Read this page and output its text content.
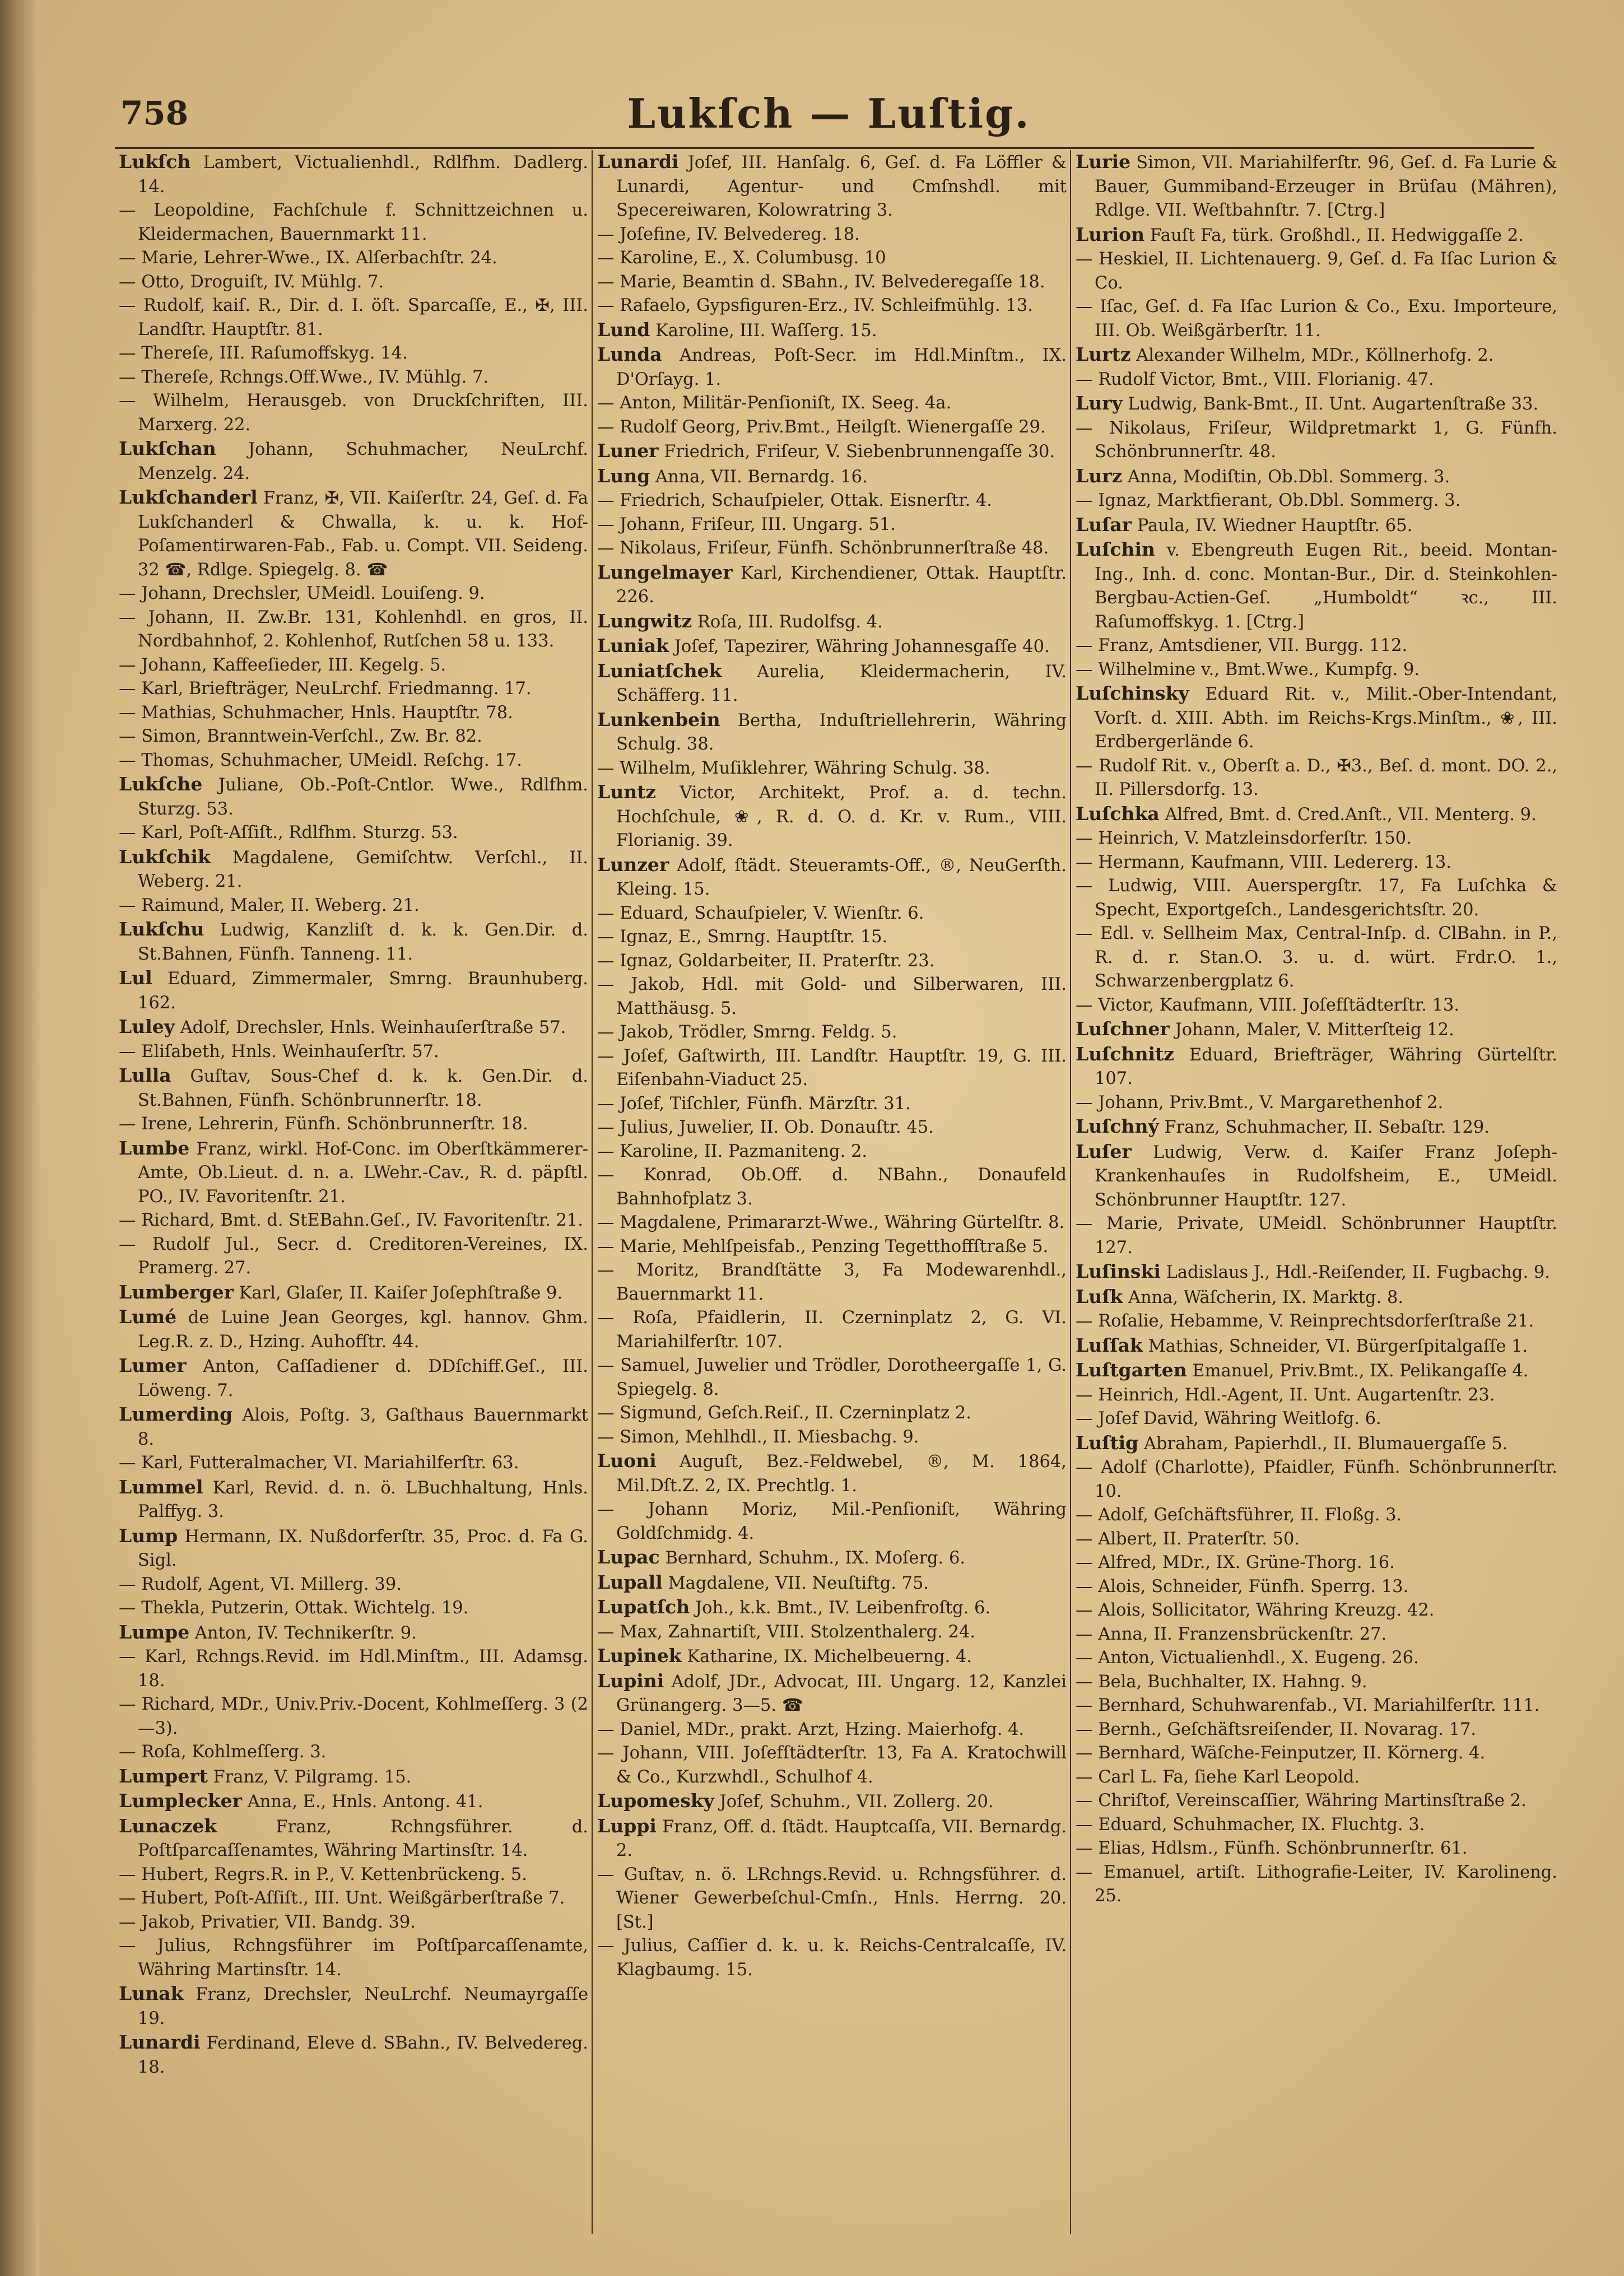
758	Lukſch — Luſtig.
Lukſch Lambert, Victualienhdl., Rdlfhm. Dadlerg. 14.
— Leopoldine, Fachſchule f. Schnittzeichnen u. Kleidermachen, Bauernmarkt 11.
— Marie, Lehrer-Wwe., IX. Alſerbachſtr. 24.
— Otto, Droguiſt, IV. Mühlg. 7.
— Rudolf, kaiſ. R., Dir. d. I. öſt. Sparcaſſe, E., ✠, III. Landſtr. Hauptſtr. 81.
— Thereſe, III. Raſumoffskyg. 14.
— Thereſe, Rchngs.Off.Wwe., IV. Mühlg. 7.
— Wilhelm, Herausgeb. von Druckſchriften, III. Marxerg. 22.
Lukſchan Johann, Schuhmacher, NeuLrchf. Menzelg. 24.
Lukſchanderl Franz, ✠, VII. Kaiſerſtr. 24, Geſ. d. Fa Lukſchanderl & Chwalla, k. u. k. Hof-Poſamentirwaren-Fab., Fab. u. Compt. VII. Seideng. 32 ☎, Rdlge. Spiegelg. 8. ☎
— Johann, Drechsler, UMeidl. Louiſeng. 9.
— Johann, II. Zw.Br. 131, Kohlenhdl. en gros, II. Nordbahnhof, 2. Kohlenhof, Rutſchen 58 u. 133.
— Johann, Kaffeeſieder, III. Kegelg. 5.
— Karl, Briefträger, NeuLrchf. Friedmanng. 17.
— Mathias, Schuhmacher, Hnls. Hauptſtr. 78.
— Simon, Branntwein-Verſchl., Zw. Br. 82.
— Thomas, Schuhmacher, UMeidl. Reſchg. 17.
Lukſche Juliane, Ob.-Poſt-Cntlor. Wwe., Rdlfhm. Sturzg. 53.
— Karl, Poſt-Aſſiſt., Rdlfhm. Sturzg. 53.
Lukſchik Magdalene, Gemiſchtw. Verſchl., II. Weberg. 21.
— Raimund, Maler, II. Weberg. 21.
Lukſchu Ludwig, Kanzliſt d. k. k. Gen.Dir. d. St.Bahnen, Fünfh. Tanneng. 11.
Lul Eduard, Zimmermaler, Smrng. Braunhuberg. 162.
Luley Adolf, Drechsler, Hnls. Weinhauſerſtraße 57.
— Eliſabeth, Hnls. Weinhauſerſtr. 57.
Lulla Guſtav, Sous-Chef d. k. k. Gen.Dir. d. St.Bahnen, Fünfh. Schönbrunnerſtr. 18.
— Irene, Lehrerin, Fünfh. Schönbrunnerſtr. 18.
Lumbe Franz, wirkl. Hof-Conc. im Oberſtkämmerer-Amte, Ob.Lieut. d. n. a. LWehr.-Cav., R. d. päpſtl. PO., IV. Favoritenſtr. 21.
— Richard, Bmt. d. StEBahn.Geſ., IV. Favoritenſtr. 21.
— Rudolf Jul., Secr. d. Creditoren-Vereines, IX. Pramerg. 27.
Lumberger Karl, Glaſer, II. Kaiſer Joſephſtraße 9.
Lumé de Luine Jean Georges, kgl. hannov. Ghm. Leg.R. z. D., Hzing. Auhofſtr. 44.
Lumer Anton, Caſſadiener d. DDſchiff.Geſ., III. Löweng. 7.
Lumerding Alois, Poſtg. 3, Gaſthaus Bauernmarkt 8.
— Karl, Futteralmacher, VI. Mariahilferſtr. 63.
Lummel Karl, Revid. d. n. ö. LBuchhaltung, Hnls. Palffyg. 3.
Lump Hermann, IX. Nußdorferſtr. 35, Proc. d. Fa G. Sigl.
— Rudolf, Agent, VI. Millerg. 39.
— Thekla, Putzerin, Ottak. Wichtelg. 19.
Lumpe Anton, IV. Technikerſtr. 9.
— Karl, Rchngs.Revid. im Hdl.Minſtm., III. Adamsg. 18.
— Richard, MDr., Univ.Priv.-Docent, Kohlmeſſerg. 3 (2—3).
— Roſa, Kohlmeſſerg. 3.
Lumpert Franz, V. Pilgramg. 15.
Lumplecker Anna, E., Hnls. Antong. 41.
Lunaczek	Franz, Rchngsführer. d. Poſtſparcaſſenamtes, Währing Martinsſtr. 14.
— Hubert, Regrs.R. in P., V. Kettenbrückeng. 5.
— Hubert, Poſt-Aſſiſt., III. Unt. Weißgärberſtraße 7.
— Jakob, Privatier, VII. Bandg. 39.
— Julius, Rchngsführer im Poſtſparcaſſenamte, Währing Martinsſtr. 14.
Lunak Franz, Drechsler, NeuLrchf. Neumayrgaſſe 19.
Lunardi Ferdinand, Eleve d. SBahn., IV. Belvedereg. 18.
Lunardi Joſef, III. Hanſalg. 6, Geſ. d. Fa Löffler & Lunardi, Agentur- und Cmſnshdl. mit Specereiwaren, Kolowratring 3.
— Joſefine, IV. Belvedereg. 18.
— Karoline, E., X. Columbusg. 10
— Marie, Beamtin d. SBahn., IV. Belvederegaſſe 18.
— Rafaelo, Gypsfiguren-Erz., IV. Schleifmühlg. 13.
Lund Karoline, III. Waſſerg. 15.
Lunda Andreas, Poſt-Secr. im Hdl.Minſtm., IX. D'Orſayg. 1.
— Anton, Militär-Penſioniſt, IX. Seeg. 4a.
— Rudolf Georg, Priv.Bmt., Heilgſt. Wienergaſſe 29.
Luner Friedrich, Friſeur, V. Siebenbrunnengaſſe 30.
Lung Anna, VII. Bernardg. 16.
— Friedrich, Schauſpieler, Ottak. Eisnerſtr. 4.
— Johann, Friſeur, III. Ungarg. 51.
— Nikolaus, Friſeur, Fünfh. Schönbrunnerſtraße 48.
Lungelmayer Karl, Kirchendiener, Ottak. Hauptſtr. 226.
Lungwitz Roſa, III. Rudolfsg. 4.
Luniak Joſef, Tapezirer, Währing Johannesgaſſe 40.
Luniatſchek Aurelia, Kleidermacherin, IV. Schäfferg. 11.
Lunkenbein Bertha, Induſtriellehrerin, Währing Schulg. 38.
— Wilhelm, Muſiklehrer, Währing Schulg. 38.
Luntz Victor, Architekt, Prof. a. d. techn. Hochſchule, ❀, R. d. O. d. Kr. v. Rum., VIII. Florianig. 39.
Lunzer Adolf, ſtädt. Steueramts-Off., ®, NeuGerſth. Kleing. 15.
— Eduard, Schauſpieler, V. Wienſtr. 6.
— Ignaz, E., Smrng. Hauptſtr. 15.
— Ignaz, Goldarbeiter, II. Praterſtr. 23.
— Jakob, Hdl. mit Gold- und Silberwaren, III. Matthäusg. 5.
— Jakob, Trödler, Smrng. Feldg. 5.
— Joſef, Gaſtwirth, III. Landſtr. Hauptſtr. 19, G. III. Eiſenbahn-Viaduct 25.
— Joſef, Tiſchler, Fünfh. Märzſtr. 31.
— Julius, Juwelier, II. Ob. Donauſtr. 45.
— Karoline, II. Pazmaniteng. 2.
— Konrad, Ob.Off. d. NBahn., Donaufeld Bahnhofplatz 3.
— Magdalene, Primararzt-Wwe., Währing Gürtelſtr. 8.
— Marie, Mehlſpeisfab., Penzing Tegetthoffſtraße 5.
— Moritz, Brandſtätte 3, Fa Modewarenhdl., Bauernmarkt 11.
— Roſa, Pfaidlerin, II. Czerninplatz 2, G. VI. Mariahilferſtr. 107.
— Samuel, Juwelier und Trödler, Dorotheergaſſe 1, G. Spiegelg. 8.
— Sigmund, Geſch.Reiſ., II. Czerninplatz 2.
— Simon, Mehlhdl., II. Miesbachg. 9.
Luoni Auguſt, Bez.-Feldwebel, ®, M. 1864, Mil.Dſt.Z. 2, IX. Prechtlg. 1.
— Johann Moriz, Mil.-Penſioniſt, Währing Goldſchmidg. 4.
Lupac Bernhard, Schuhm., IX. Moſerg. 6.
Lupall Magdalene, VII. Neuſtiftg. 75.
Lupatſch Joh., k.k. Bmt., IV. Leibenfroſtg. 6.
— Max, Zahnartiſt, VIII. Stolzenthalerg. 24.
Lupinek Katharine, IX. Michelbeuerng. 4.
Lupini Adolf, JDr., Advocat, III. Ungarg. 12, Kanzlei Grünangerg. 3—5. ☎
— Daniel, MDr., prakt. Arzt, Hzing. Maierhofg. 4.
— Johann, VIII. Joſefſtädterſtr. 13, Fa A. Kratochwill & Co., Kurzwhdl., Schulhof 4.
Lupomesky Joſef, Schuhm., VII. Zollerg. 20.
Luppi Franz, Off. d. ſtädt. Hauptcaſſa, VII. Bernardg. 2.
— Guſtav, n. ö. LRchngs.Revid. u. Rchngsführer. d. Wiener Gewerbeſchul-Cmſn., Hnls. Herrng. 20. [St.]
— Julius, Caſſier d. k. u. k. Reichs-Centralcaſſe, IV. Klagbaumg. 15.
Lurie Simon, VII. Mariahilferſtr. 96, Geſ. d. Fa Lurie & Bauer, Gummiband-Erzeuger in Brüſau (Mähren), Rdlge. VII. Weſtbahnſtr. 7. [Ctrg.]
Lurion Fauſt Fa, türk. Großhdl., II. Hedwiggaſſe 2.
— Heskiel, II. Lichtenauerg. 9, Geſ. d. Fa Iſac Lurion & Co.
— Iſac, Geſ. d. Fa Iſac Lurion & Co., Exu. Importeure, III. Ob. Weißgärberſtr. 11.
Lurtz Alexander Wilhelm, MDr., Köllnerhofg. 2.
— Rudolf Victor, Bmt., VIII. Florianig. 47.
Lury Ludwig, Bank-Bmt., II. Unt. Augartenſtraße 33.
— Nikolaus, Friſeur, Wildpretmarkt 1, G. Fünfh. Schönbrunnerſtr. 48.
Lurz Anna, Modiſtin, Ob.Dbl. Sommerg. 3.
— Ignaz, Marktfierant, Ob.Dbl. Sommerg. 3.
Luſar Paula, IV. Wiedner Hauptſtr. 65.
Luſchin v. Ebengreuth Eugen Rit., beeid. Montan-Ing., Inh. d. conc. Montan-Bur., Dir. d. Steinkohlen-Bergbau-Actien-Geſ. „Humboldt“ ꝛc., III. Raſumoffskyg. 1. [Ctrg.]
— Franz, Amtsdiener, VII. Burgg. 112.
— Wilhelmine v., Bmt.Wwe., Kumpfg. 9.
Luſchinsky Eduard Rit. v., Milit.-Ober-Intendant, Vorſt. d. XIII. Abth. im Reichs-Krgs.Minſtm., ❀, III. Erdbergerlände 6.
— Rudolf Rit. v., Oberſt a. D., ✠3., Beſ. d. mont. DO. 2., II. Pillersdorfg. 13.
Luſchka Alfred, Bmt. d. Cred.Anſt., VII. Menterg. 9.
— Heinrich, V. Matzleinsdorferſtr. 150.
— Hermann, Kaufmann, VIII. Ledererg. 13.
— Ludwig, VIII. Auerspergſtr. 17, Fa Luſchka & Specht, Exportgeſch., Landesgerichtsſtr. 20.
— Edl. v. Sellheim Max, Central-Inſp. d. ClBahn. in P., R. d. r. Stan.O. 3. u. d. würt. Frdr.O. 1., Schwarzenbergplatz 6.
— Victor, Kaufmann, VIII. Joſefſtädterſtr. 13.
Luſchner Johann, Maler, V. Mitterſteig 12.
Luſchnitz Eduard, Briefträger, Währing Gürtelſtr. 107.
— Johann, Priv.Bmt., V. Margarethenhof 2.
Luſchný Franz, Schuhmacher, II. Sebaſtr. 129.
Luſer Ludwig, Verw. d. Kaiſer Franz Joſeph-Krankenhauſes in Rudolfsheim, E., UMeidl. Schönbrunner Hauptſtr. 127.
— Marie, Private, UMeidl. Schönbrunner Hauptſtr. 127.
Luſinski Ladislaus J., Hdl.-Reiſender, II. Fugbachg. 9.
Luſk Anna, Wäſcherin, IX. Marktg. 8.
— Roſalie, Hebamme, V. Reinprechtsdorferſtraße 21.
Luſſak Mathias, Schneider, VI. Bürgerſpitalgaſſe 1.
Luſtgarten Emanuel, Priv.Bmt., IX. Pelikangaſſe 4.
— Heinrich, Hdl.-Agent, II. Unt. Augartenſtr. 23.
— Joſef David, Währing Weitlofg. 6.
Luſtig Abraham, Papierhdl., II. Blumauergaſſe 5.
— Adolf (Charlotte), Pfaidler, Fünfh. Schönbrunnerſtr. 10.
— Adolf, Geſchäftsführer, II. Floßg. 3.
— Albert, II. Praterſtr. 50.
— Alfred, MDr., IX. Grüne-Thorg. 16.
— Alois, Schneider, Fünfh. Sperrg. 13.
— Alois, Sollicitator, Währing Kreuzg. 42.
— Anna, II. Franzensbrückenſtr. 27.
— Anton, Victualienhdl., X. Eugeng. 26.
— Bela, Buchhalter, IX. Hahng. 9.
— Bernhard, Schuhwarenfab., VI. Mariahilferſtr. 111.
— Bernh., Geſchäftsreiſender, II. Novarag. 17.
— Bernhard, Wäſche-Feinputzer, II. Körnerg. 4.
— Carl L. Fa, ſiehe Karl Leopold.
— Chriſtof, Vereinscaſſier, Währing Martinsſtraße 2.
— Eduard, Schuhmacher, IX. Fluchtg. 3.
— Elias, Hdlsm., Fünfh. Schönbrunnerſtr. 61.
— Emanuel, artiſt. Lithografie-Leiter, IV. Karolineng. 25.
